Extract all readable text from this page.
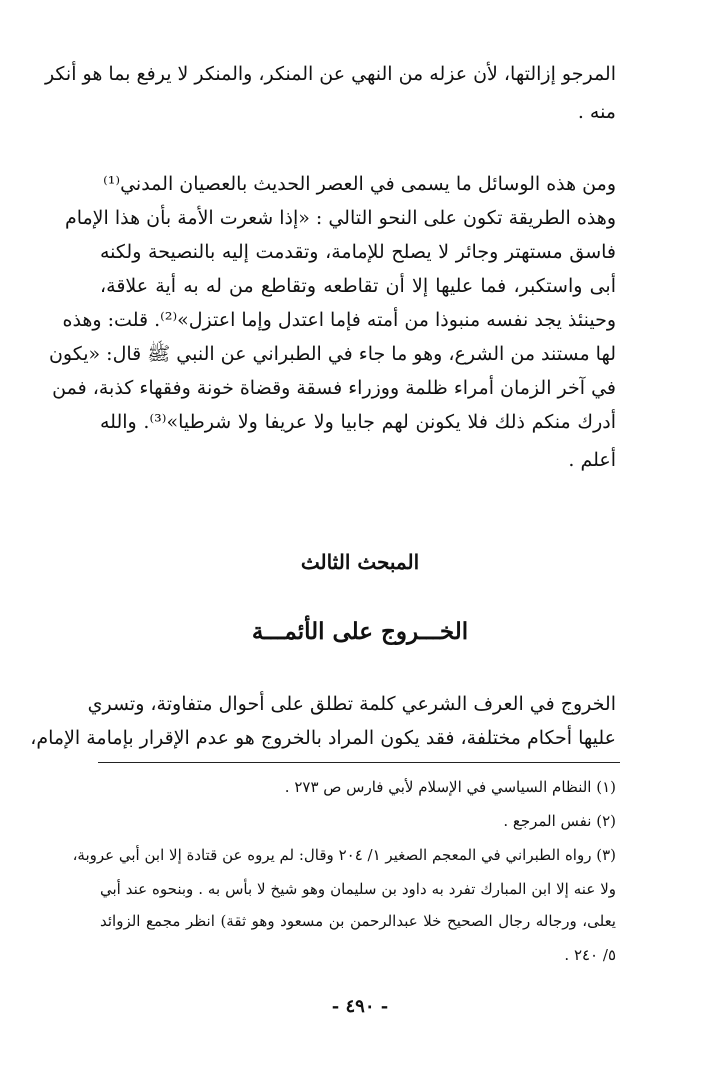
المرجو إزالتها، لأن عزله من النهي عن المنكر، والمنكر لا يرفع بما هو أنكر
منه .
ومن هذه الوسائل ما يسمى في العصر الحديث بالعصيان المدني⁽¹⁾
وهذه الطريقة تكون على النحو التالي : «إذا شعرت الأمة بأن هذا الإمام
فاسق مستهتر وجائر لا يصلح للإمامة، وتقدمت إليه بالنصيحة ولكنه
أبى واستكبر، فما عليها إلا أن تقاطعه وتقاطع من له به أية علاقة،
وحينئذ يجد نفسه منبوذا من أمته فإما اعتدل وإما اعتزل»⁽²⁾. قلت: وهذه
لها مستند من الشرع، وهو ما جاء في الطبراني عن النبي ﷺ قال: «يكون
في آخر الزمان أمراء ظلمة ووزراء فسقة وقضاة خونة وفقهاء كذبة، فمن
أدرك منكم ذلك فلا يكونن لهم جابيا ولا عريفا ولا شرطيا»⁽³⁾. والله
أعلم .
المبحث الثالث
الخـــروج على الأئمـــة
الخروج في العرف الشرعي كلمة تطلق على أحوال متفاوتة، وتسري
عليها أحكام مختلفة، فقد يكون المراد بالخروج هو عدم الإقرار بإمامة الإمام،
(١) النظام السياسي في الإسلام لأبي فارس ص ٢٧٣ .
(٢) نفس المرجع .
(٣) رواه الطبراني في المعجم الصغير ١/ ٢٠٤ وقال: لم يروه عن قتادة إلا ابن أبي عروبة،
ولا عنه إلا ابن المبارك تفرد به داود بن سليمان وهو شيخ لا بأس به . وبنحوه عند أبي
يعلى، ورجاله رجال الصحيح خلا عبدالرحمن بن مسعود وهو ثقة) انظر مجمع الزوائد
٥/ ٢٤٠ .
- ٤٩٠ -
